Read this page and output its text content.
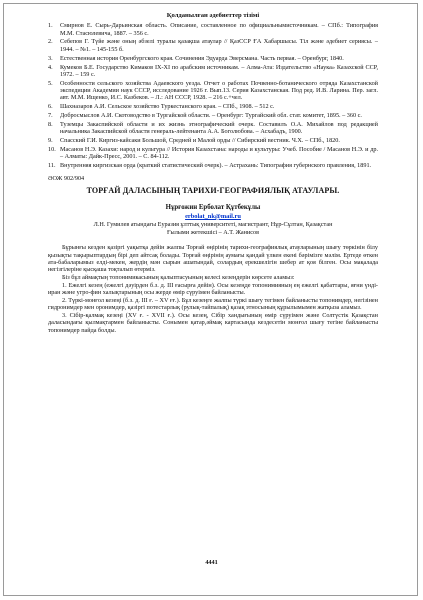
Қолданылған әдебиеттер тізімі
1.	Смирнов Е. Сырь-Дарьинская область. Описание, составленное по официальнымисточникам. – СПб.: Типография М.М. Стасюлевича, 1887. – 356 с.
2.	Себепов Г. Түйе және оның əбзелі туралы қазақша атаулар // ҚазССР ҒА Хабаршысы. Тіл және әдебиет сериясы. – 1944. – №1. – 145-155 б.
3.	Естественная история Оренбургского края. Сочинения Эдуарда Эверсмана. Часть первая. – Оренбург, 1840.
4.	Кумеков Б.Е. Государство Кимаков IX-XI по арабским источникам. – Алма-Ата: Издательство «Наука» Казахской ССР, 1972. – 159 с.
5.	Особенности сельского хозяйства Адаевского уезда. Отчет о работах Почвенно-ботанического отряда Казахстанской экспедиции Академии наук СССР, исследование 1926 г. Вып.13. Серия Казахстанская. Под ред. И.В. Ларина. Пер. загл. авт. М.М. Ищенко, И.С. Казбеков. – Л.: АН СССР, 1928. – 216 с.+чел.
6.	Шахназаров А.И. Сельское хозяйство Туркестанского края. – СПб., 1908. – 512 с.
7.	Добросмыслов А.И. Скотоводство в Тургайской области. – Оренбург: Тургайский обл. стат. комитет, 1895. – 360 с.
8.	Туземцы Закаспийской области и их жизнь этнографический очерк. Составилъ О.А. Михайлов под редакцией начальника Закаспийской области генераль-лейтенанта А.А. Боголюбова. – Асхабадъ, 1900.
9.	Спасский Г.И. Киргиз-кайсаки Большой, Средней и Малой орды // Сибирский вестник. Ч.Х. – СПб., 1820.
10. Масанов Н.Э. Казахи: народ и культура // История Казахстана: народы и культуры: Учеб. Пособие / Масанов Н.Э. и др. – Алматы: Дайк-Пресс, 2001. – С. 84-112.
11. Внутренняя киргизская орда (краткий статистический очерк). – Астрахань: Типография губернского правления, 1891.
ӘОЖ 902/904
ТОРҒАЙ ДАЛАСЫНЫҢ ТАРИХИ-ГЕОГРАФИЯЛЫҚ АТАУЛАРЫ.
Нұрғожин Ерболат Құтбекұлы
erbolat_nk@mail.ru
Л.Н. Гумилев атындағы Еуразия ұлттық университеті, магистрант, Нұр-Сұлтан, Қазақстан
Ғылыми жетекшісі – А.Т. Жанисов

Бұрынғы кезден қазіргі уақытқа дейін жалпы Торғай өңірінің тарихи-географиялық атауларының шығу төркінін білу қызықты тақырыптардың бірі деп айтсақ болады. Торғай өңірінің аумағы қандай үлкен екені бәрімізге мәлім. Ертеде өткен ата-бабаларымыз елді-мекен, жердің мән сырын ашатындай, солардың ерекшелігін шебер ат қоя білген. Осы мақалада негізгілеріне қысқаша тоқталып өтерміз.

Біз бұл аймақтың топонимикасының қалыптасуының келесі кезеңдерін көрсете аламыз:

1. Ежелгі кезең (ежелгі дәуірден б.з. д. III ғасырға дейін). Осы кезеңде топонимияның ең ежелгі қабаттары, яғни үнді-иран және угро-фин халықтарының осы жерде өмір сүруімен байланысты.

2. Түркі-монғол кезеңі (б.з. д. III ғ. – XV ғғ.). Бұл кезеңге жалпы түркі шығу тегімен байланысты топонимдер, негізінен гидронимдер мен оронимдер, қазіргі потестарлық (рулық-тайпалық) қазақ этносының құрылымымен жатқыза аламыз.

3. Сібір-қалмақ кезеңі (XV ғ. - XVII ғ.). Осы кезең, Сібір хандығының өмір сүруімен және Солтүстік Қазақстан даласындағы қылмақтармен байланысты. Сонымен қатар,әймақ картасында кездесетін монғол шығу тегіне байланысты топонимдер пайда болды.

4441
